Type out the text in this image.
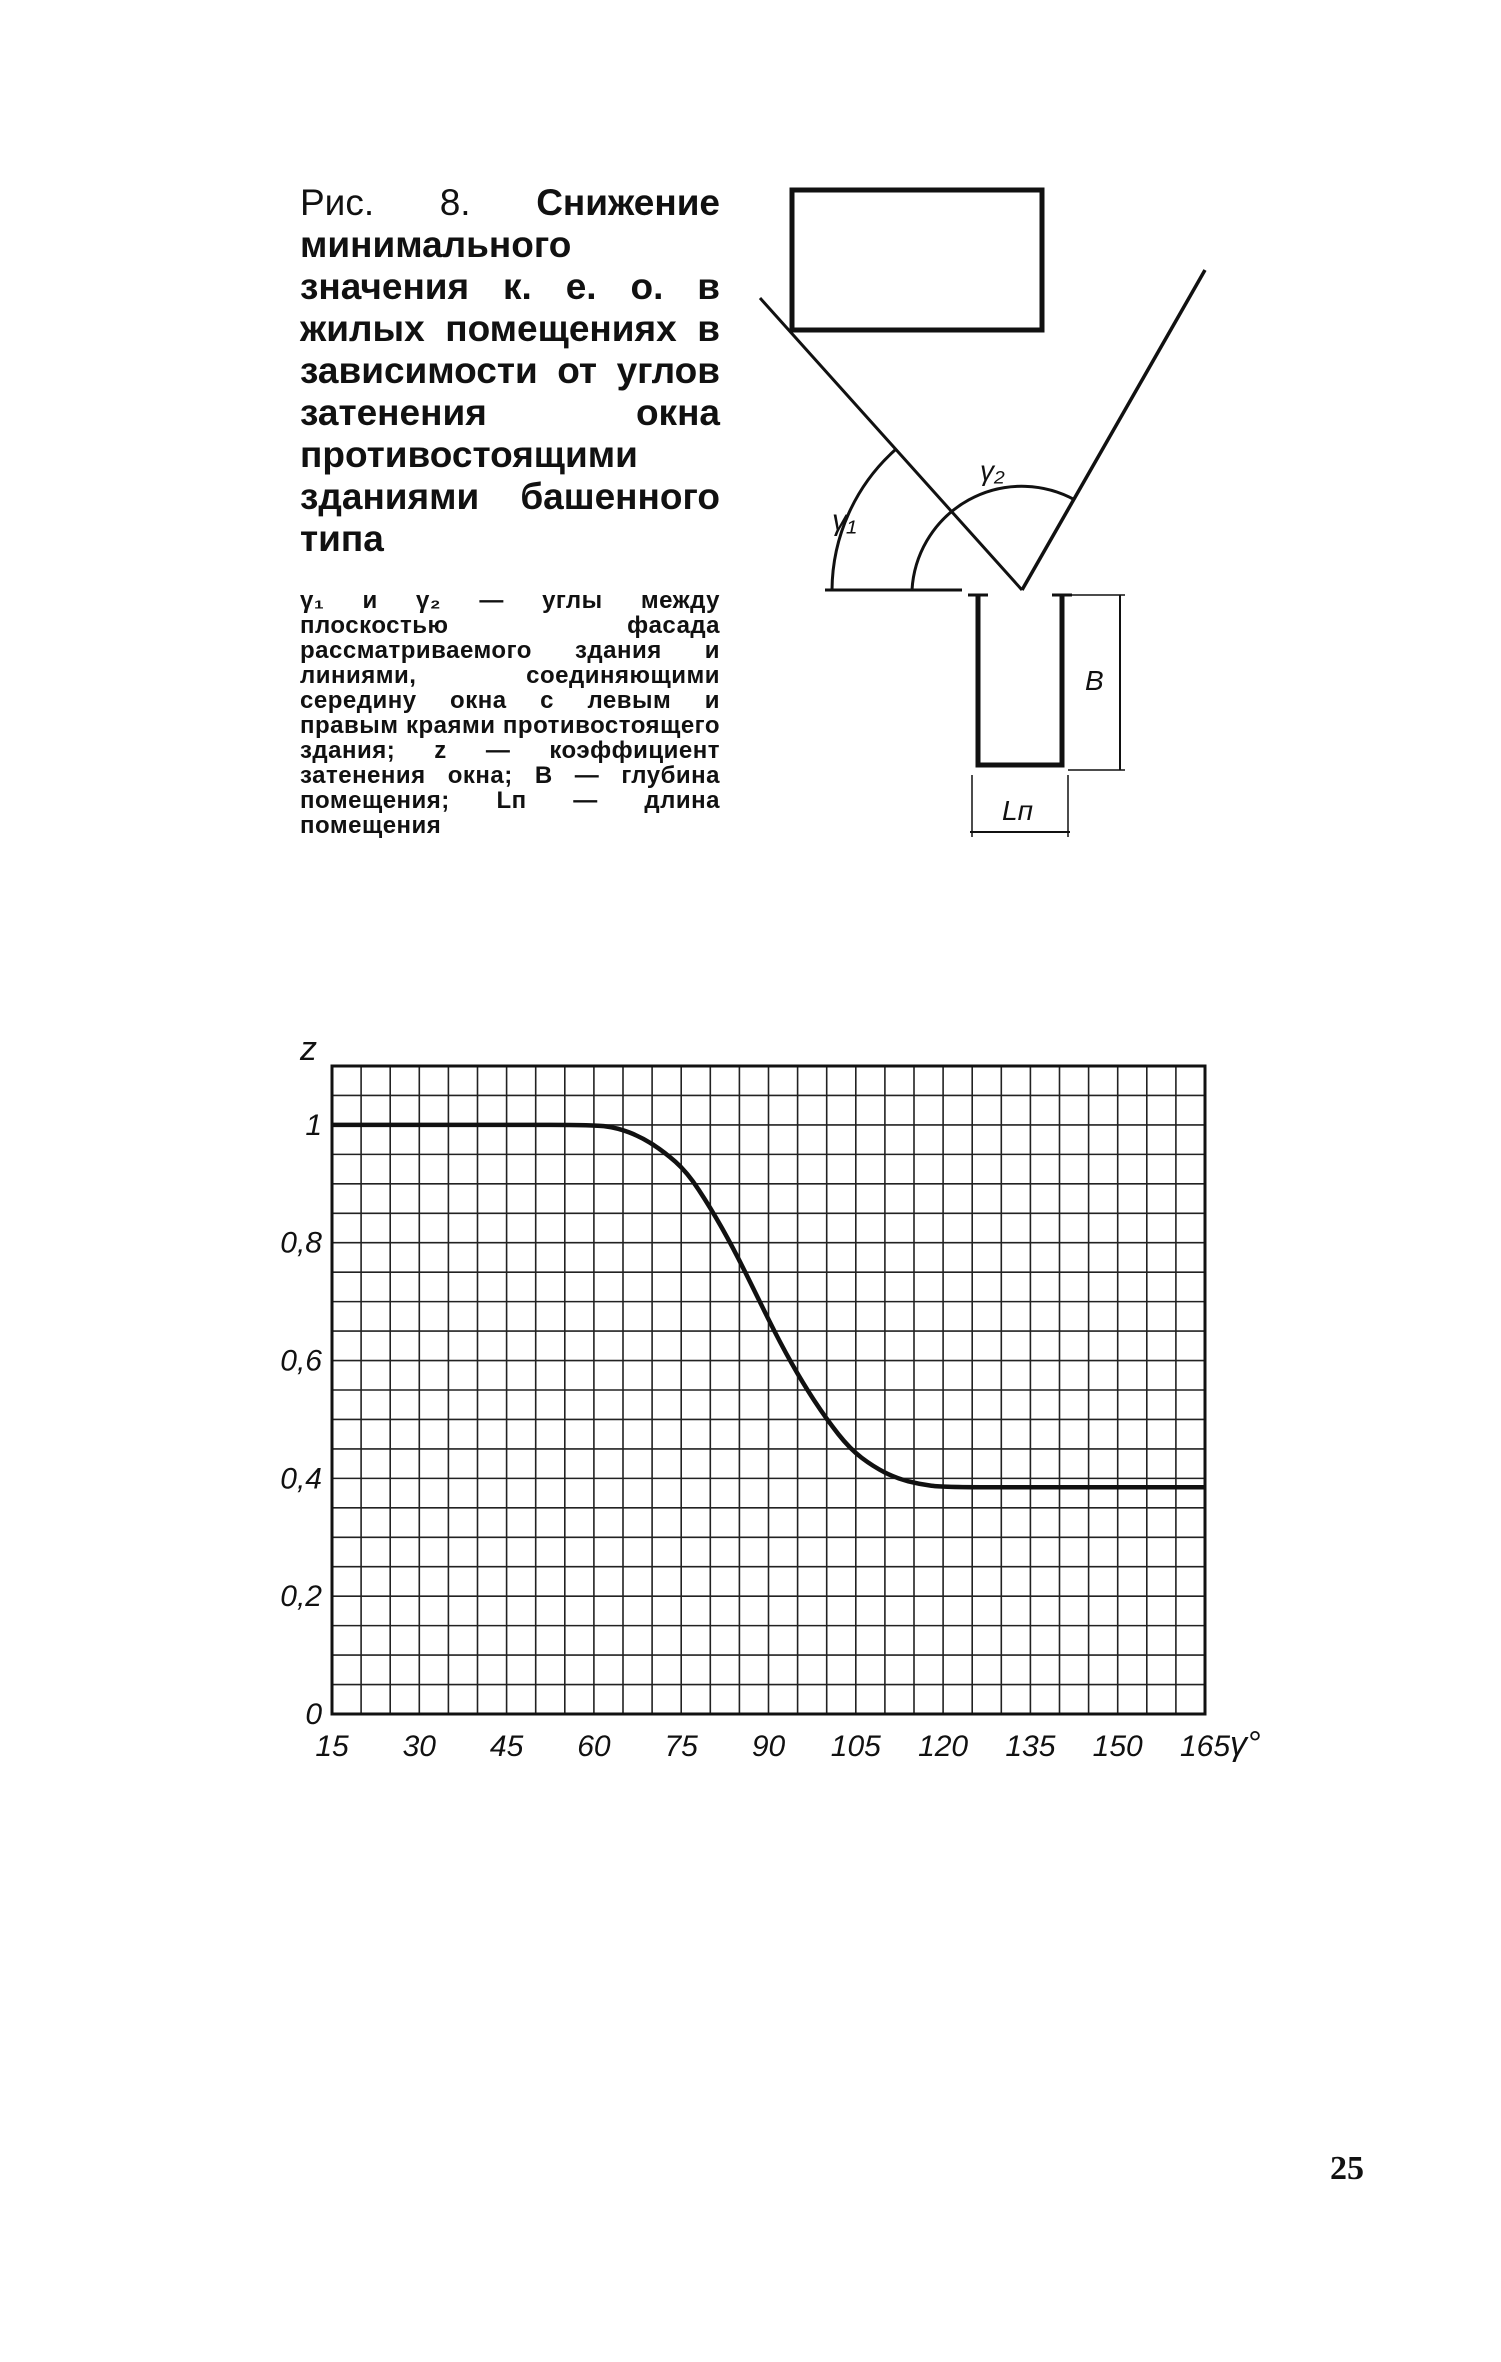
Рис. 8. Снижение минимального значения к. е. о. в жилых помещениях в зависимости от углов затенения окна противостоящими зданиями башенного типа

γ₁ и γ₂ — углы между плоскостью фасада рассматриваемого здания и линиями, соединяющими середину окна с левым и правым краями противостоящего здания; z — коэффициент затенения окна; B — глубина помещения; Lп — длина помещения
γ₁
γ₂
B
Lп
z
γ°
15 30 45 60 75 90 105 120 135 150 165
0
0,2
0,4
0,6
0,8
1
25
